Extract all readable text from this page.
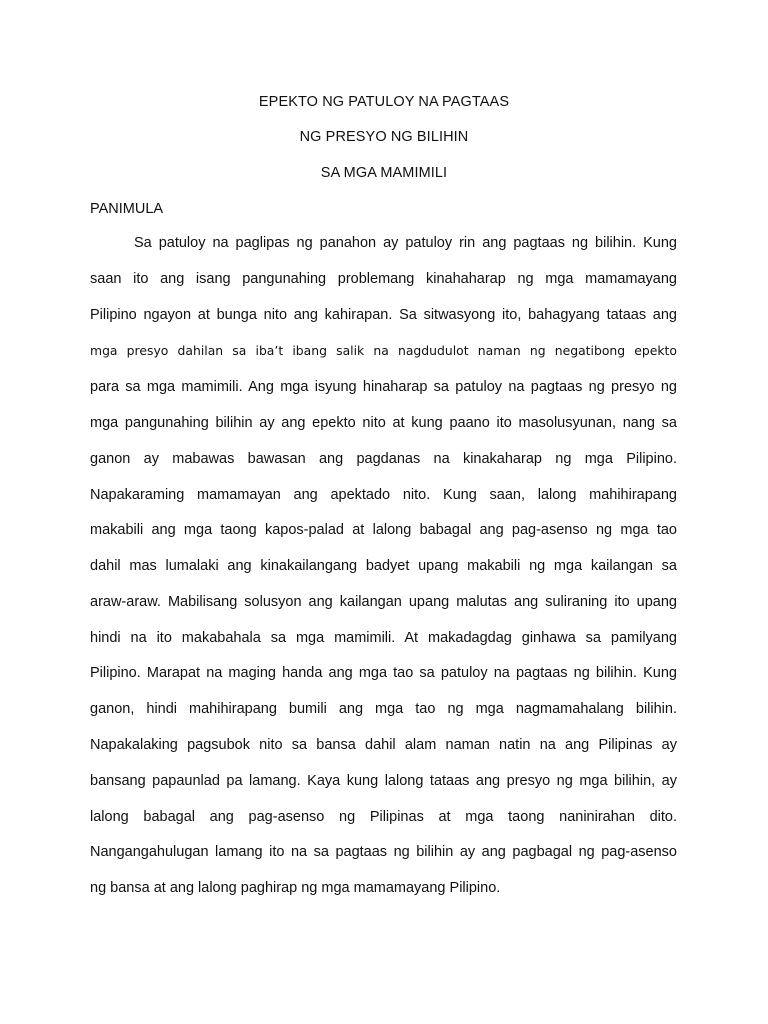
EPEKTO NG PATULOY NA PAGTAAS
NG PRESYO NG BILIHIN
SA MGA MAMIMILI
PANIMULA
Sa patuloy na paglipas ng panahon ay patuloy rin ang pagtaas ng bilihin. Kung
saan ito ang isang pangunahing problemang kinahaharap ng mga mamamayang
Pilipino ngayon at bunga nito ang kahirapan. Sa sitwasyong ito, bahagyang tataas ang
mga presyo dahilan sa iba’t ibang salik na nagdudulot naman ng negatibong epekto
para sa mga mamimili. Ang mga isyung hinaharap sa patuloy na pagtaas ng presyo ng
mga pangunahing bilihin ay ang epekto nito at kung paano ito masolusyunan, nang sa
ganon ay mabawas bawasan ang pagdanas na kinakaharap ng mga Pilipino.
Napakaraming mamamayan ang apektado nito. Kung saan, lalong mahihirapang
makabili ang mga taong kapos-palad at lalong babagal ang pag-asenso ng mga tao
dahil mas lumalaki ang kinakailangang badyet upang makabili ng mga kailangan sa
araw-araw. Mabilisang solusyon ang kailangan upang malutas ang suliraning ito upang
hindi na ito makabahala sa mga mamimili. At makadagdag ginhawa sa pamilyang
Pilipino. Marapat na maging handa ang mga tao sa patuloy na pagtaas ng bilihin. Kung
ganon, hindi mahihirapang bumili ang mga tao ng mga nagmamahalang bilihin.
Napakalaking pagsubok nito sa bansa dahil alam naman natin na ang Pilipinas ay
bansang papaunlad pa lamang. Kaya kung lalong tataas ang presyo ng mga bilihin, ay
lalong babagal ang pag-asenso ng Pilipinas at mga taong naninirahan dito.
Nangangahulugan lamang ito na sa pagtaas ng bilihin ay ang pagbagal ng pag-asenso
ng bansa at ang lalong paghirap ng mga mamamayang Pilipino.
